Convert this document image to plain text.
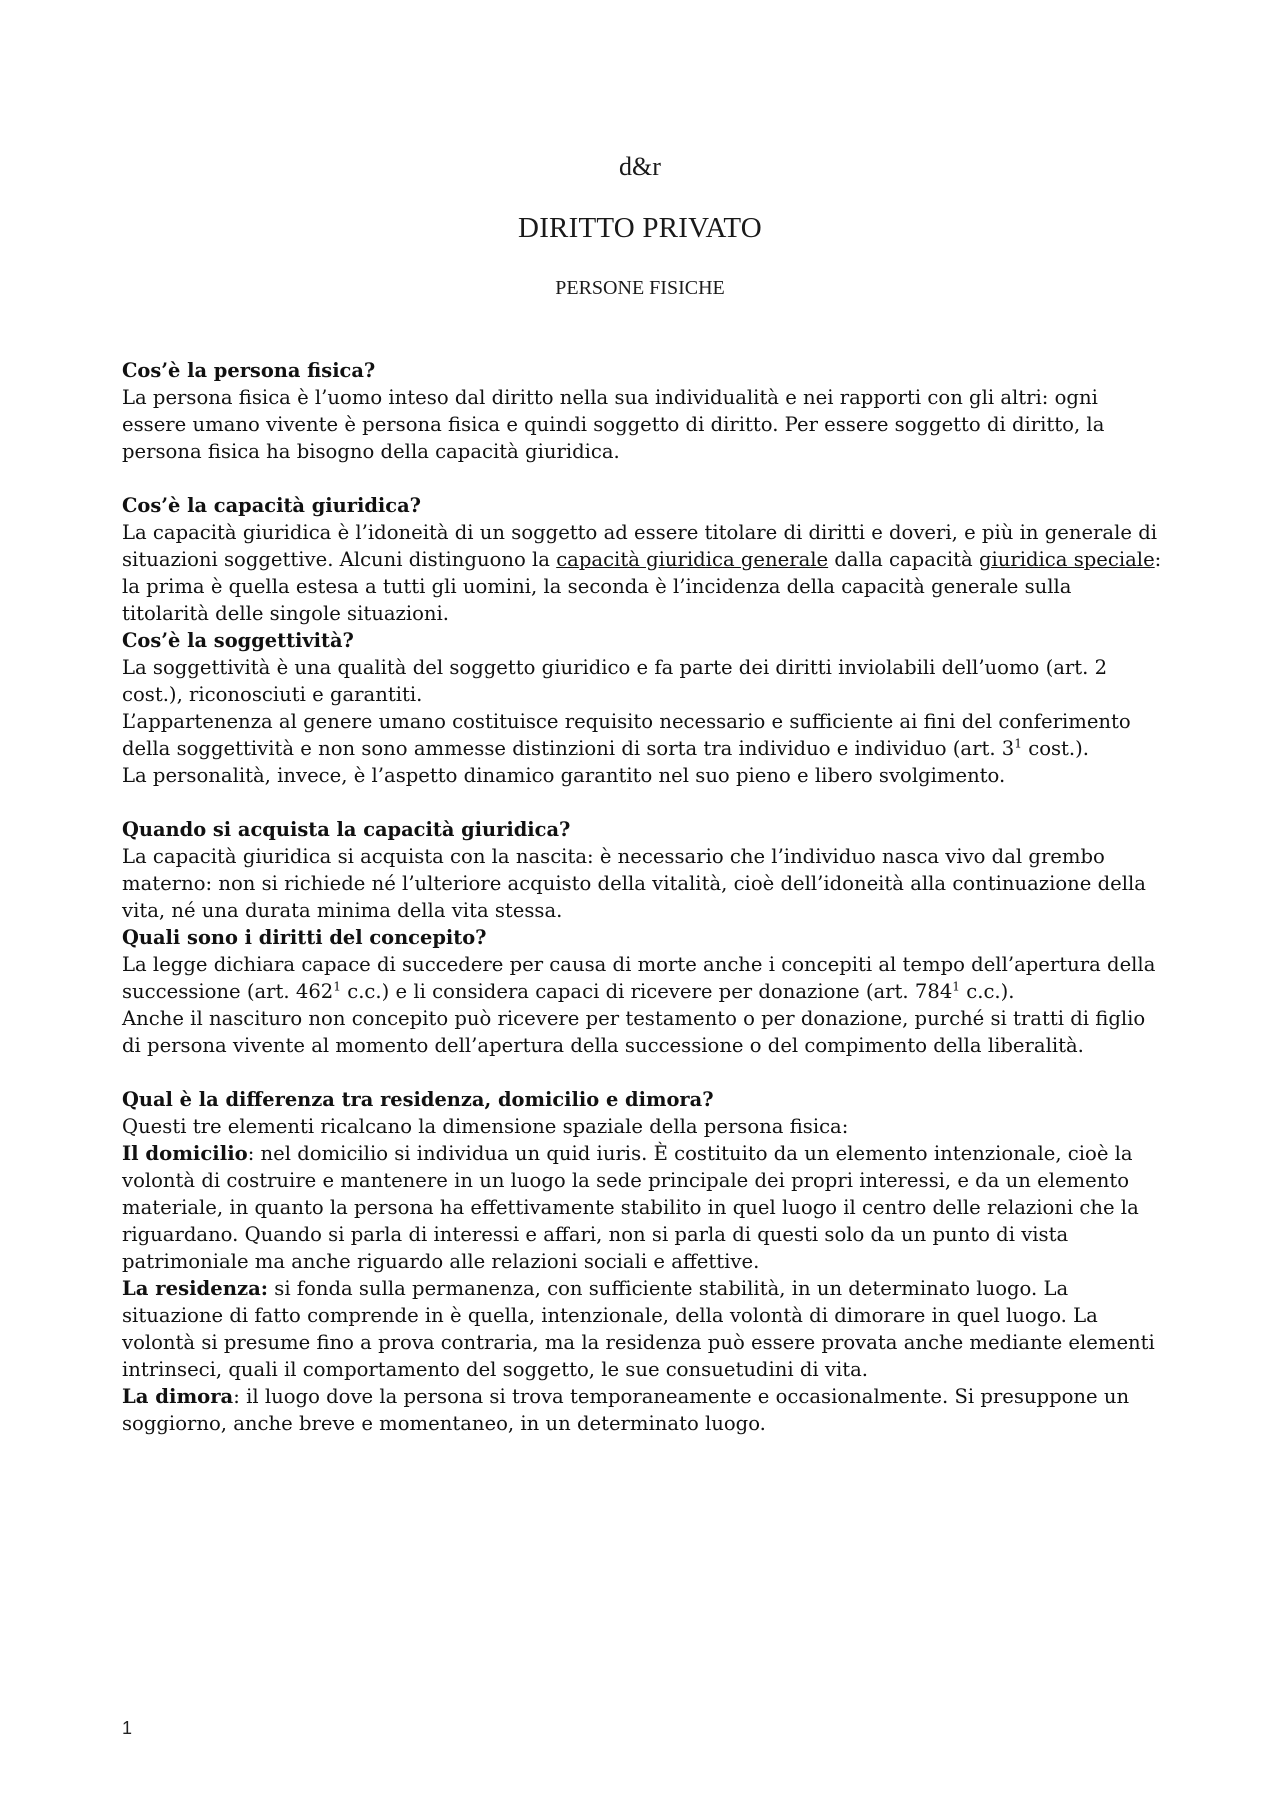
d&r
DIRITTO PRIVATO
PERSONE FISICHE

Cos’è la persona fisica?

La persona fisica è l’uomo inteso dal diritto nella sua individualità e nei rapporti con gli altri: ogni essere umano vivente è persona fisica e quindi soggetto di diritto. Per essere soggetto di diritto, la persona fisica ha bisogno della capacità giuridica.

Cos’è la capacità giuridica?

La capacità giuridica è l’idoneità di un soggetto ad essere titolare di diritti e doveri, e più in generale di situazioni soggettive. Alcuni distinguono la capacità giuridica generale dalla capacità giuridica speciale: la prima è quella estesa a tutti gli uomini, la seconda è l’incidenza della capacità generale sulla titolarità delle singole situazioni.

Cos’è la soggettività?

La soggettività è una qualità del soggetto giuridico e fa parte dei diritti inviolabili dell’uomo (art. 2 cost.), riconosciuti e garantiti.

L’appartenenza al genere umano costituisce requisito necessario e sufficiente ai fini del conferimento della soggettività e non sono ammesse distinzioni di sorta tra individuo e individuo (art. $3^1$ cost.).

La personalità, invece, è l’aspetto dinamico garantito nel suo pieno e libero svolgimento.

Quando si acquista la capacità giuridica?

La capacità giuridica si acquista con la nascita: è necessario che l’individuo nasca vivo dal grembo materno: non si richiede né l’ulteriore acquisto della vitalità, cioè dell’idoneità alla continuazione della vita, né una durata minima della vita stessa.

Quali sono i diritti del concepito?

La legge dichiara capace di succedere per causa di morte anche i concepiti al tempo dell’apertura della successione (art. $462^1$ c.c.) e li considera capaci di ricevere per donazione (art. $784^1$ c.c.).

Anche il nascituro non concepito può ricevere per testamento o per donazione, purché si tratti di figlio di persona vivente al momento dell’apertura della successione o del compimento della liberalità.

Qual è la differenza tra residenza, domicilio e dimora?

Questi tre elementi ricalcano la dimensione spaziale della persona fisica:

Il domicilio: nel domicilio si individua un quid iuris. È costituito da un elemento intenzionale, cioè la volontà di costruire e mantenere in un luogo la sede principale dei propri interessi, e da un elemento materiale, in quanto la persona ha effettivamente stabilito in quel luogo il centro delle relazioni che la riguardano. Quando si parla di interessi e affari, non si parla di questi solo da un punto di vista patrimoniale ma anche riguardo alle relazioni sociali e affettive.

La residenza: si fonda sulla permanenza, con sufficiente stabilità, in un determinato luogo. La situazione di fatto comprende in è quella, intenzionale, della volontà di dimorare in quel luogo. La volontà si presume fino a prova contraria, ma la residenza può essere provata anche mediante elementi intrinseci, quali il comportamento del soggetto, le sue consuetudini di vita.

La dimora: il luogo dove la persona si trova temporaneamente e occasionalmente. Si presuppone un soggiorno, anche breve e momentaneo, in un determinato luogo.

1
